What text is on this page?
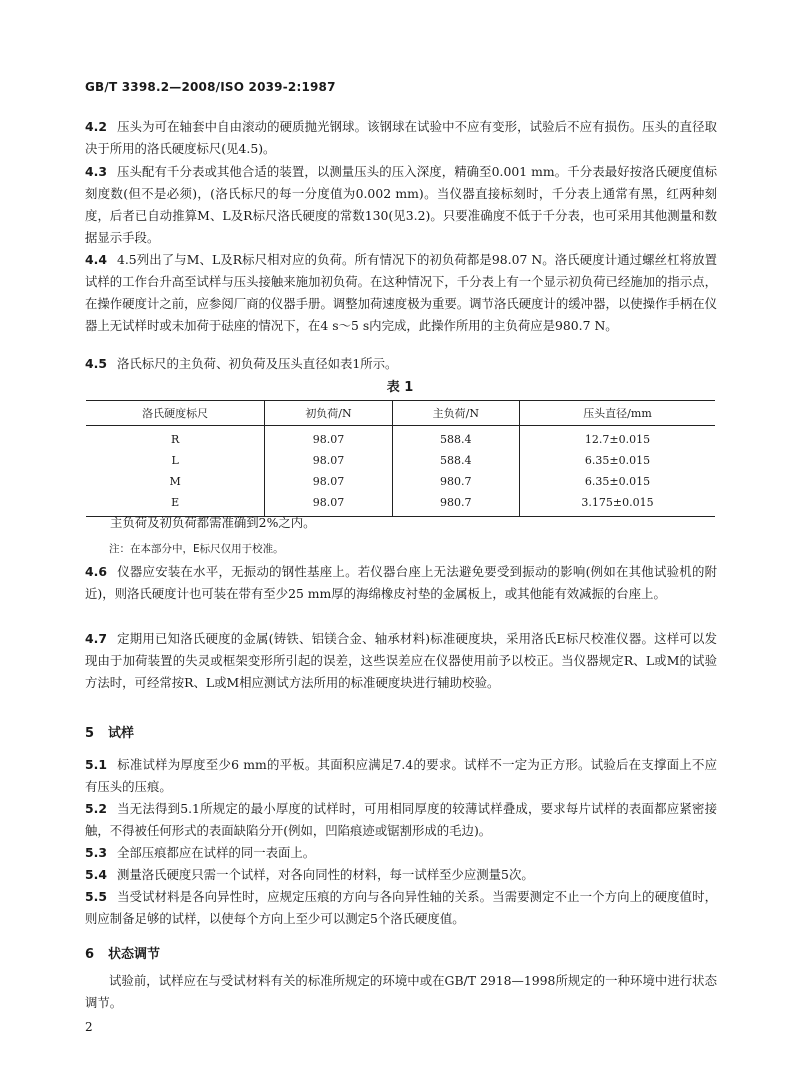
GB/T 3398.2—2008/ISO 2039-2:1987

4.2 压头为可在轴套中自由滚动的硬质抛光钢球。该钢球在试验中不应有变形，试验后不应有损伤。压头的直径取决于所用的洛氏硬度标尺(见4.5)。

4.3 压头配有千分表或其他合适的装置，以测量压头的压入深度，精确至0.001 mm。千分表最好按洛氏硬度值标刻度数(但不是必须)，(洛氏标尺的每一分度值为0.002 mm)。当仪器直接标刻时，千分表上通常有黑，红两种刻度，后者已自动推算M、L及R标尺洛氏硬度的常数130(见3.2)。只要准确度不低于千分表，也可采用其他测量和数据显示手段。

4.4 4.5列出了与M、L及R标尺相对应的负荷。所有情况下的初负荷都是98.07 N。洛氏硬度计通过螺丝杠将放置试样的工作台升高至试样与压头接触来施加初负荷。在这种情况下，千分表上有一个显示初负荷已经施加的指示点，在操作硬度计之前，应参阅厂商的仪器手册。调整加荷速度极为重要。调节洛氏硬度计的缓冲器，以使操作手柄在仪器上无试样时或未加荷于砝座的情况下，在4 s～5 s内完成，此操作所用的主负荷应是980.7 N。

4.5 洛氏标尺的主负荷、初负荷及压头直径如表1所示。

表 1
洛氏硬度标尺	初负荷/N	主负荷/N	压头直径/mm
R	98.07	588.4	12.7±0.015
L	98.07	588.4	6.35±0.015
M	98.07	980.7	6.35±0.015
E	98.07	980.7	3.175±0.015
主负荷及初负荷都需准确到2%之内。
注：在本部分中，E标尺仅用于校准。

4.6 仪器应安装在水平，无振动的钢性基座上。若仪器台座上无法避免要受到振动的影响(例如在其他试验机的附近)，则洛氏硬度计也可装在带有至少25 mm厚的海绵橡皮衬垫的金属板上，或其他能有效减振的台座上。

4.7 定期用已知洛氏硬度的金属(铸铁、铝镁合金、轴承材料)标准硬度块，采用洛氏E标尺校准仪器。这样可以发现由于加荷装置的失灵或框架变形所引起的误差，这些误差应在仪器使用前予以校正。当仪器规定R、L或M的试验方法时，可经常按R、L或M相应测试方法所用的标准硬度块进行辅助校验。

5 试样

5.1 标准试样为厚度至少6 mm的平板。其面积应满足7.4的要求。试样不一定为正方形。试验后在支撑面上不应有压头的压痕。

5.2 当无法得到5.1所规定的最小厚度的试样时，可用相同厚度的较薄试样叠成，要求每片试样的表面都应紧密接触，不得被任何形式的表面缺陷分开(例如，凹陷痕迹或锯割形成的毛边)。

5.3 全部压痕都应在试样的同一表面上。

5.4 测量洛氏硬度只需一个试样，对各向同性的材料，每一试样至少应测量5次。

5.5 当受试材料是各向异性时，应规定压痕的方向与各向异性轴的关系。当需要测定不止一个方向上的硬度值时，则应制备足够的试样，以使每个方向上至少可以测定5个洛氏硬度值。

6 状态调节

试验前，试样应在与受试材料有关的标准所规定的环境中或在GB/T 2918—1998所规定的一种环境中进行状态调节。

2
